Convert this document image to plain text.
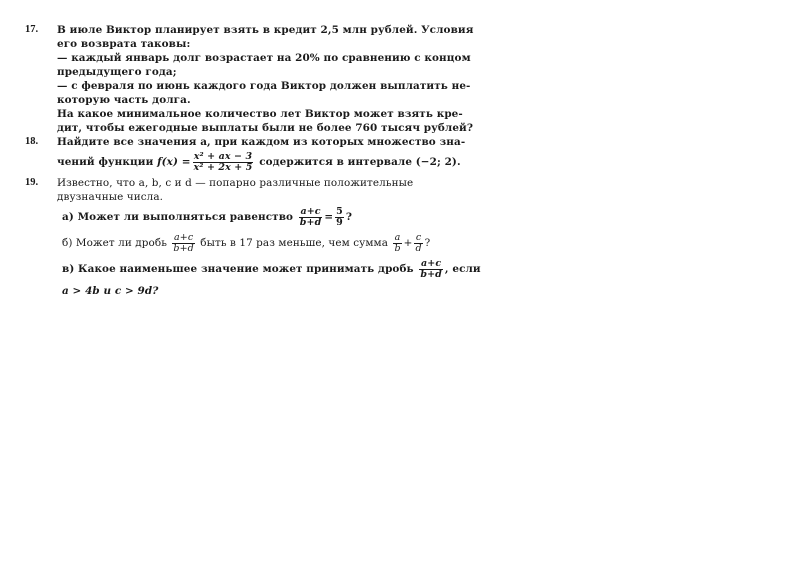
17. В июле Виктор планирует взять в кредит 2,5 млн рублей. Условия
его возврата таковы:
— каждый январь долг возрастает на 20% по сравнению с концом
предыдущего года;
— с февраля по июнь каждого года Виктор должен выплатить не-
которую часть долга.
На какое минимальное количество лет Виктор может взять кре-
дит, чтобы ежегодные выплаты были не более 760 тысяч рублей?
18. Найдите все значения a, при каждом из которых множество зна-
чений функции
$f(x) = \frac{\text{x² + ax − 3}}{\text{x² + 2x + 5}}$
содержится в интервале (−2; 2).
19. Известно, что a, b, c и d — попарно различные положительные
двузначные числа.
а) Может ли выполняться равенство
$\frac{a+c}{b+d} = \frac{5}{9}$ ?
б) Может ли дробь
$\frac{a+c}{b+d}$
быть в 17 раз меньше, чем сумма
$\frac{a}{b} + \frac{c}{d}$ ?
в) Какое наименьшее значение может принимать дробь
$\frac{a+c}{b+d}$ , если
a > 4b и c > 9d?
